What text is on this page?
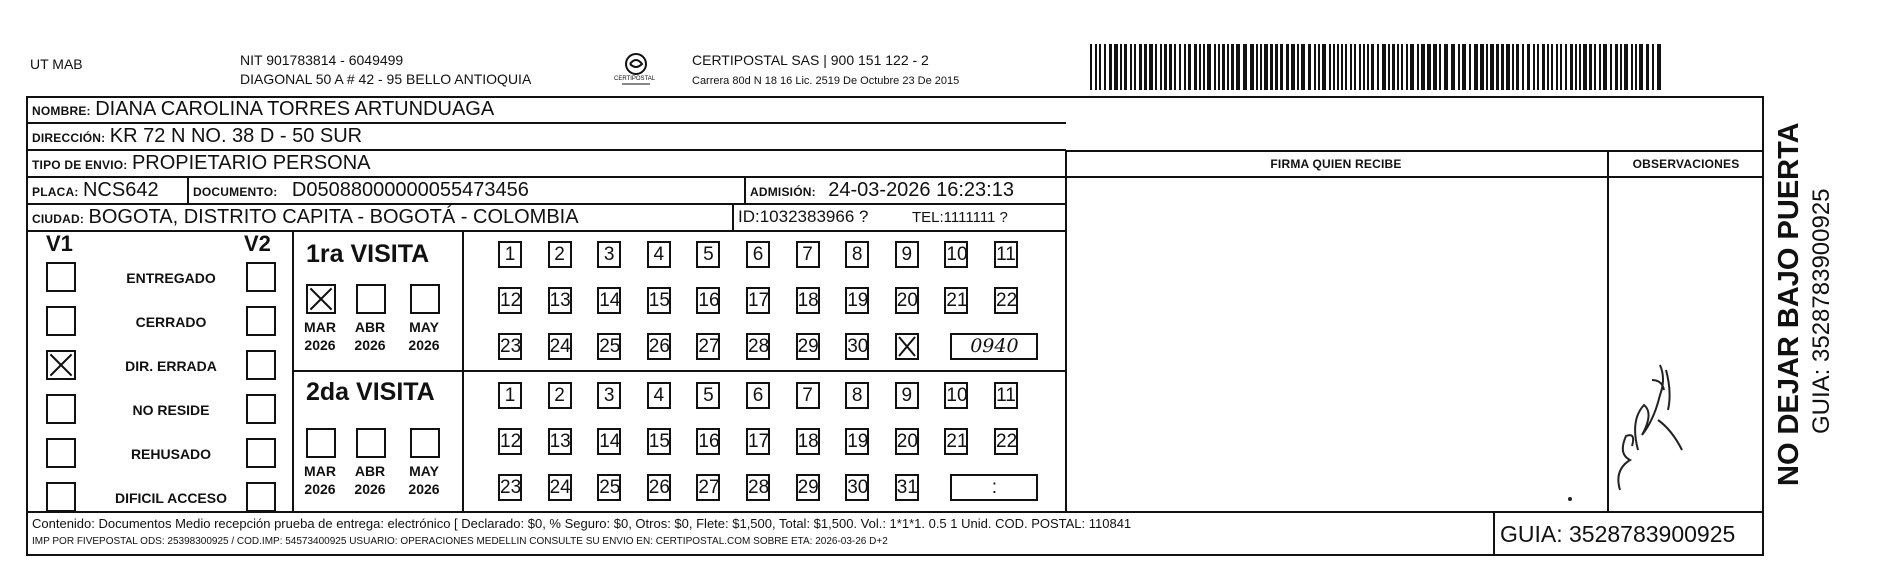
UT MAB	NIT 901783814 - 6049499
DIAGONAL 50 A # 42 - 95 BELLO ANTIOQUIA	CERTIPOSTAL
CERTIPOSTAL SAS | 900 151 122 - 2
Carrera 80d N 18 16 Lic. 2519 De Octubre 23 De 2015
NOMBRE: DIANA CAROLINA TORRES ARTUNDUAGA
DIRECCIÓN: KR 72 N NO. 38 D - 50 SUR
TIPO DE ENVIO: PROPIETARIO PERSONA
PLACA: NCS642	DOCUMENTO: D05088000000055473456	ADMISIÓN: 24-03-2026 16:23:13
CIUDAD: BOGOTA, DISTRITO CAPITA - BOGOTÁ - COLOMBIA	ID:1032383966 ?	TEL:1111111 ?
FIRMA QUIEN RECIBE	OBSERVACIONES
V1	V2
ENTREGADO
CERRADO
DIR. ERRADA
NO RESIDE
REHUSADO
DIFICIL ACCESO
1ra VISITA
2da VISITA
MAR
2026
ABR
2026
MAY
2026
MAR
2026
ABR
2026
MAY
2026
1	2	3	4	5	6	7	8	9	10 11
12 13 14 15 16 17 18 19 20 21 22
23 24 25 26 27 28 29 30	0940
1	2	3	4	5	6	7	8	9	10 11
12 13 14 15 16 17 18 19 20 21 22
23 24 25 26 27 28 29 30 31	:
NO DEJAR BAJO PUERTA GUIA: 3528783900925
Contenido: Documentos Medio recepción prueba de entrega: electrónico [ Declarado: $0, % Seguro: $0, Otros: $0, Flete: $1,500, Total: $1,500. Vol.: 1*1*1. 0.5 1 Unid. COD. POSTAL: 110841
IMP POR FIVEPOSTAL ODS: 25398300925 / COD.IMP: 54573400925 USUARIO: OPERACIONES MEDELLIN CONSULTE SU ENVIO EN: CERTIPOSTAL.COM SOBRE ETA: 2026-03-26 D+2	GUIA: 3528783900925
